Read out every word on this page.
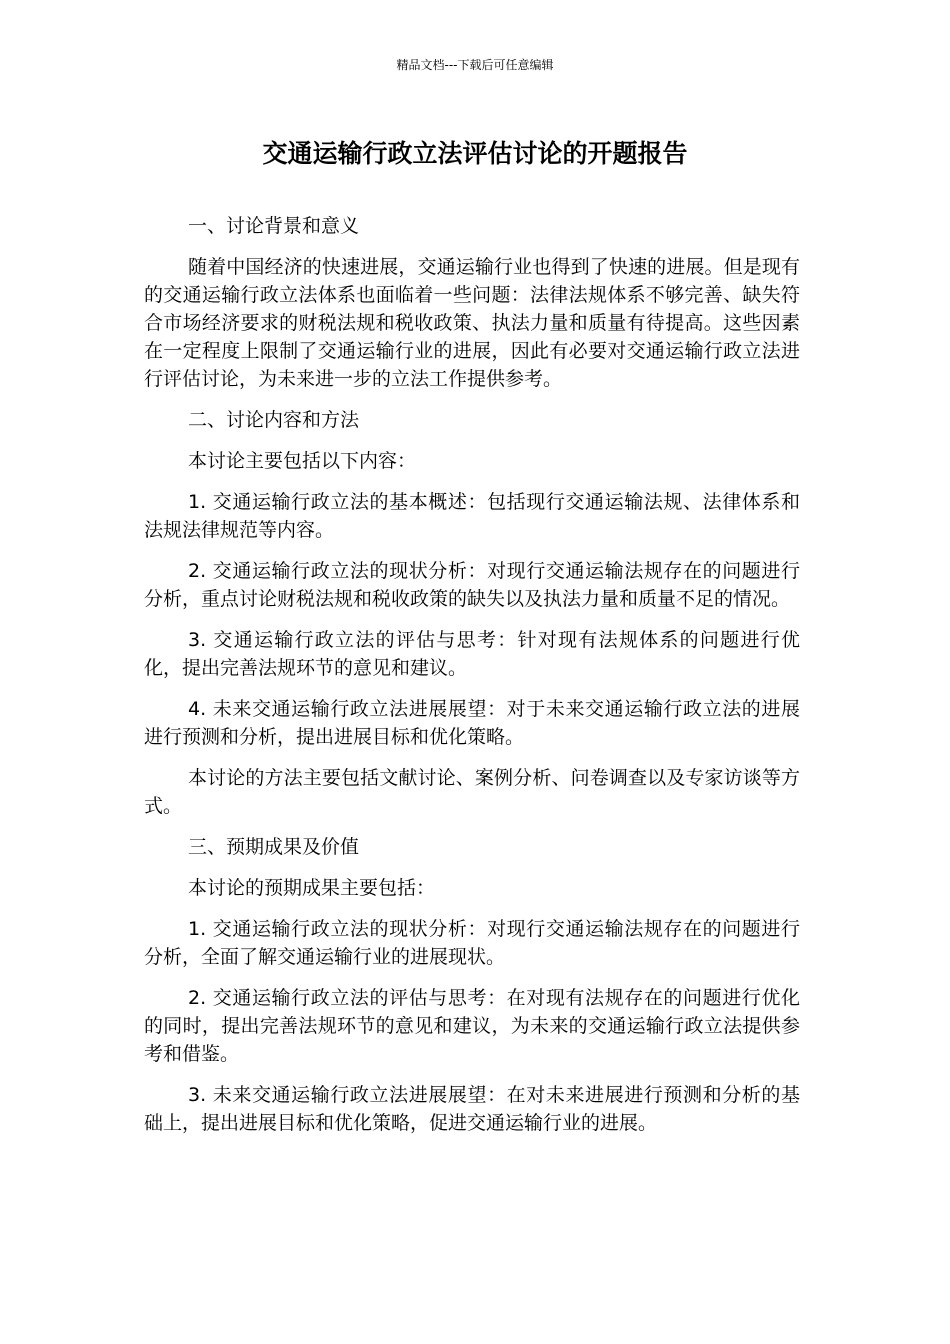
精品文档---下载后可任意编辑
交通运输行政立法评估讨论的开题报告

一、讨论背景和意义

随着中国经济的快速进展，交通运输行业也得到了快速的进展。但是现有的交通运输行政立法体系也面临着一些问题：法律法规体系不够完善、缺失符合市场经济要求的财税法规和税收政策、执法力量和质量有待提高。这些因素在一定程度上限制了交通运输行业的进展，因此有必要对交通运输行政立法进行评估讨论，为未来进一步的立法工作提供参考。

二、讨论内容和方法

本讨论主要包括以下内容：

1. 交通运输行政立法的基本概述：包括现行交通运输法规、法律体系和法规法律规范等内容。

2. 交通运输行政立法的现状分析：对现行交通运输法规存在的问题进行分析，重点讨论财税法规和税收政策的缺失以及执法力量和质量不足的情况。

3. 交通运输行政立法的评估与思考：针对现有法规体系的问题进行优化，提出完善法规环节的意见和建议。

4. 未来交通运输行政立法进展展望：对于未来交通运输行政立法的进展进行预测和分析，提出进展目标和优化策略。

本讨论的方法主要包括文献讨论、案例分析、问卷调查以及专家访谈等方式。

三、预期成果及价值

本讨论的预期成果主要包括：

1. 交通运输行政立法的现状分析：对现行交通运输法规存在的问题进行分析，全面了解交通运输行业的进展现状。

2. 交通运输行政立法的评估与思考：在对现有法规存在的问题进行优化的同时，提出完善法规环节的意见和建议，为未来的交通运输行政立法提供参考和借鉴。

3. 未来交通运输行政立法进展展望：在对未来进展进行预测和分析的基础上，提出进展目标和优化策略，促进交通运输行业的进展。
